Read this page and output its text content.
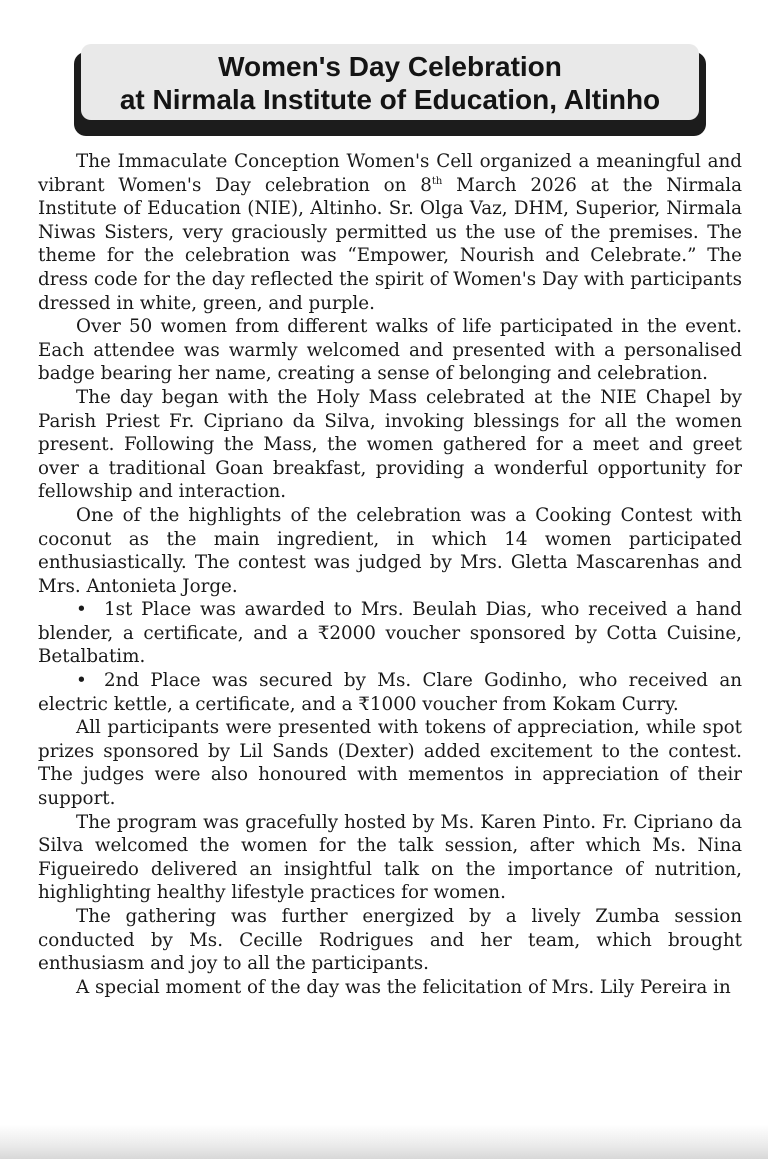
Women's Day Celebration
at Nirmala Institute of Education, Altinho

The Immaculate Conception Women's Cell organized a meaningful and vibrant Women's Day celebration on 8th March 2026 at the Nirmala Institute of Education (NIE), Altinho. Sr. Olga Vaz, DHM, Superior, Nirmala Niwas Sisters, very graciously permitted us the use of the premises. The theme for the celebration was “Empower, Nourish and Celebrate.” The dress code for the day reflected the spirit of Women's Day with participants dressed in white, green, and purple.

Over 50 women from different walks of life participated in the event. Each attendee was warmly welcomed and presented with a personalised badge bearing her name, creating a sense of belonging and celebration.

The day began with the Holy Mass celebrated at the NIE Chapel by Parish Priest Fr. Cipriano da Silva, invoking blessings for all the women present. Following the Mass, the women gathered for a meet and greet over a traditional Goan breakfast, providing a wonderful opportunity for fellowship and interaction.

One of the highlights of the celebration was a Cooking Contest with coconut as the main ingredient, in which 14 women participated enthusiastically. The contest was judged by Mrs. Gletta Mascarenhas and Mrs. Antonieta Jorge.

• 1st Place was awarded to Mrs. Beulah Dias, who received a hand blender, a certificate, and a ₹2000 voucher sponsored by Cotta Cuisine, Betalbatim.

• 2nd Place was secured by Ms. Clare Godinho, who received an electric kettle, a certificate, and a ₹1000 voucher from Kokam Curry.

All participants were presented with tokens of appreciation, while spot prizes sponsored by Lil Sands (Dexter) added excitement to the contest. The judges were also honoured with mementos in appreciation of their support.

The program was gracefully hosted by Ms. Karen Pinto. Fr. Cipriano da Silva welcomed the women for the talk session, after which Ms. Nina Figueiredo delivered an insightful talk on the importance of nutrition, highlighting healthy lifestyle practices for women.

The gathering was further energized by a lively Zumba session conducted by Ms. Cecille Rodrigues and her team, which brought enthusiasm and joy to all the participants.

A special moment of the day was the felicitation of Mrs. Lily Pereira in
